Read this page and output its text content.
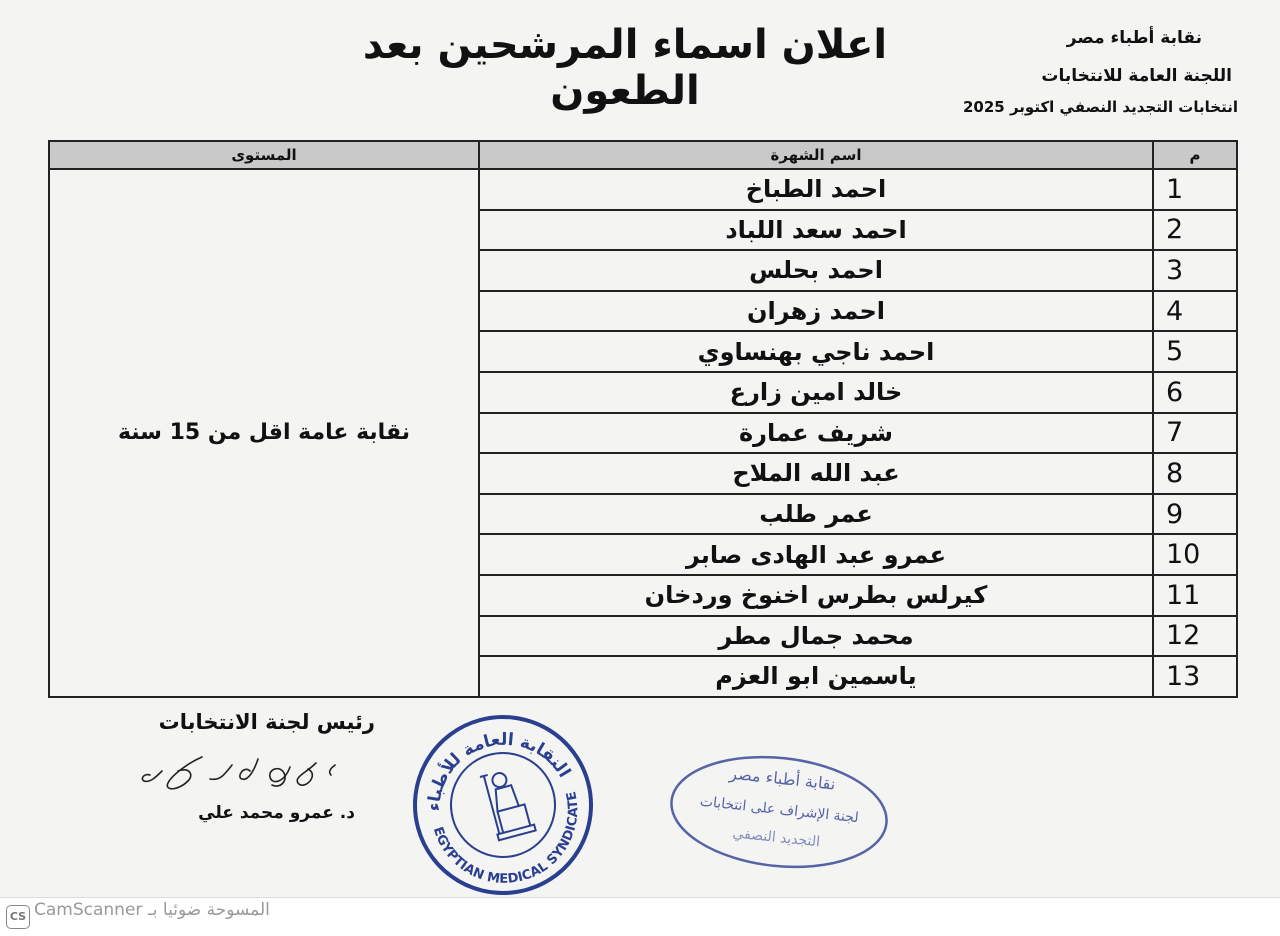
اعلان اسماء المرشحين بعد الطعون
نقابة أطباء مصر
اللجنة العامة للانتخابات
انتخابات التجديد النصفي اكتوبر 2025
م	اسم الشهرة	المستوى
1	احمد الطباخ	نقابة عامة اقل من 15 سنة
2	احمد سعد اللباد	
3	احمد بحلس	
4	احمد زهران	
5	احمد ناجي بهنساوي	
6	خالد امين زارع	
7	شريف عمارة	
8	عبد الله الملاح	
9	عمر طلب	
10	عمرو عبد الهادى صابر	
11	كيرلس بطرس اخنوخ وردخان	
12	محمد جمال مطر	
13	ياسمين ابو العزم	
رئيس لجنة الانتخابات
د. عمرو محمد علي	النقابة العامة للأطباء
EGYPTIAN MEDICAL SYNDICATE
نقابة أطباء مصر
لجنة الإشراف على انتخابات
التجديد النصفي
CS CamScanner المسوحة ضوئيا بـ
